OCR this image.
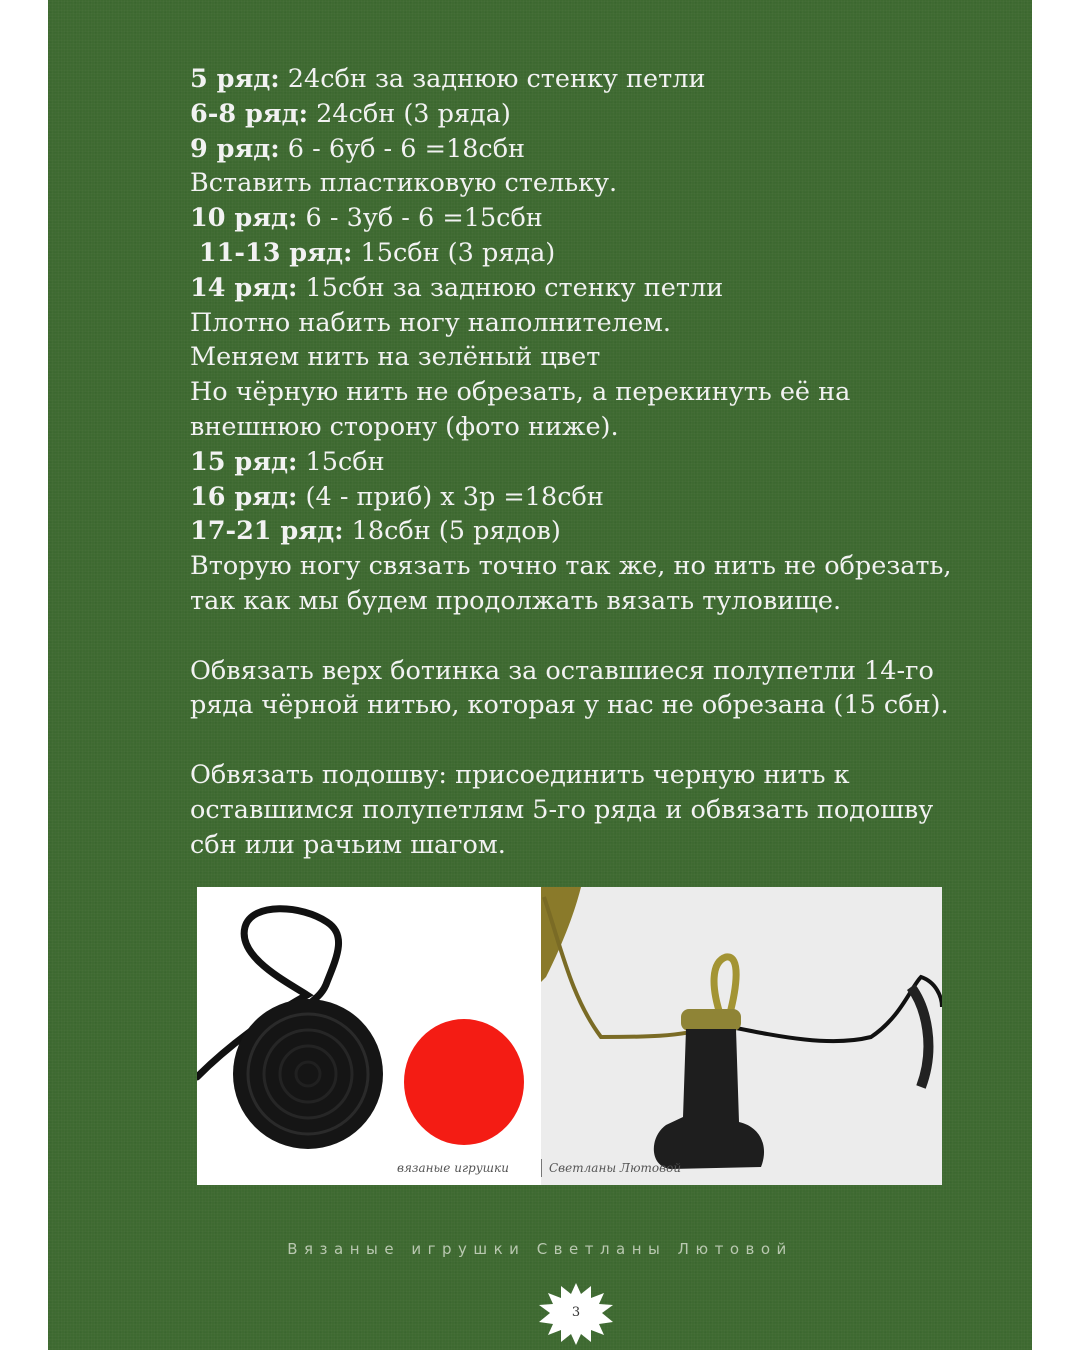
5 ряд: 24сбн за заднюю стенку петли
6-8 ряд: 24сбн (3 ряда)
9 ряд: 6 - 6уб - 6 =18сбн
Вставить пластиковую стельку.
10 ряд: 6 - 3уб - 6 =15сбн
11-13 ряд: 15сбн (3 ряда)
14 ряд: 15сбн за заднюю стенку петли
Плотно набить ногу наполнителем.
Меняем нить на зелёный цвет
Но чёрную нить не обрезать, а перекинуть её на
внешнюю сторону (фото ниже).
15 ряд: 15сбн
16 ряд: (4 - приб) х 3р =18сбн
17-21 ряд: 18сбн (5 рядов)
Вторую ногу связать точно так же, но нить не обрезать,
так как мы будем продолжать вязать туловище.
Обвязать верх ботинка за оставшиеся полупетли 14-го
ряда чёрной нитью, которая у нас не обрезана (15 сбн).
Обвязать подошву: присоединить черную нить к
оставшимся полупетлям 5-го ряда и обвязать подошву
сбн или рачьим шагом.
вязаные игрушки	Светланы Лютовой
Вязаные игрушки Светланы Лютовой
3
